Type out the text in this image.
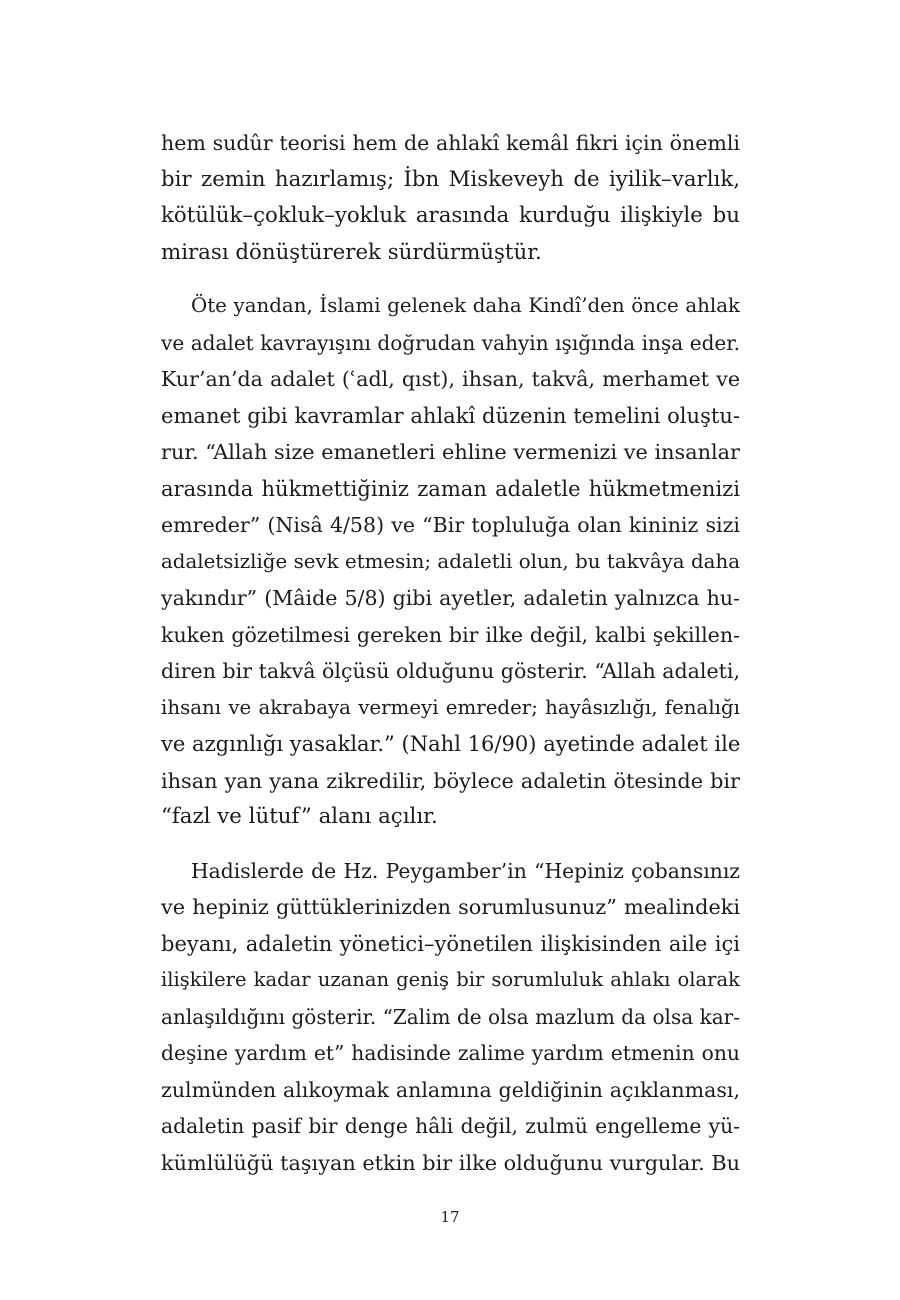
hem sudûr teorisi hem de ahlakî kemâl fikri için önemli
bir zemin hazırlamış; İbn Miskeveyh de iyilik–varlık,
kötülük–çokluk–yokluk arasında kurduğu ilişkiyle bu
mirası dönüştürerek sürdürmüştür.
Öte yandan, İslami gelenek daha Kindî’den önce ahlak
ve adalet kavrayışını doğrudan vahyin ışığında inşa eder.
Kur’an’da adalet (ʿadl, qıst), ihsan, takvâ, merhamet ve
emanet gibi kavramlar ahlakî düzenin temelini oluştu-
rur. “Allah size emanetleri ehline vermenizi ve insanlar
arasında hükmettiğiniz zaman adaletle hükmetmenizi
emreder” (Nisâ 4/58) ve “Bir topluluğa olan kininiz sizi
adaletsizliğe sevk etmesin; adaletli olun, bu takvâya daha
yakındır” (Mâide 5/8) gibi ayetler, adaletin yalnızca hu-
kuken gözetilmesi gereken bir ilke değil, kalbi şekillen-
diren bir takvâ ölçüsü olduğunu gösterir. “Allah adaleti,
ihsanı ve akrabaya vermeyi emreder; hayâsızlığı, fenalığı
ve azgınlığı yasaklar.” (Nahl 16/90) ayetinde adalet ile
ihsan yan yana zikredilir, böylece adaletin ötesinde bir
“fazl ve lütuf” alanı açılır.
Hadislerde de Hz. Peygamber’in “Hepiniz çobansınız
ve hepiniz güttüklerinizden sorumlusunuz” mealindeki
beyanı, adaletin yönetici–yönetilen ilişkisinden aile içi
ilişkilere kadar uzanan geniş bir sorumluluk ahlakı olarak
anlaşıldığını gösterir. “Zalim de olsa mazlum da olsa kar-
deşine yardım et” hadisinde zalime yardım etmenin onu
zulmünden alıkoymak anlamına geldiğinin açıklanması,
adaletin pasif bir denge hâli değil, zulmü engelleme yü-
kümlülüğü taşıyan etkin bir ilke olduğunu vurgular. Bu
17
